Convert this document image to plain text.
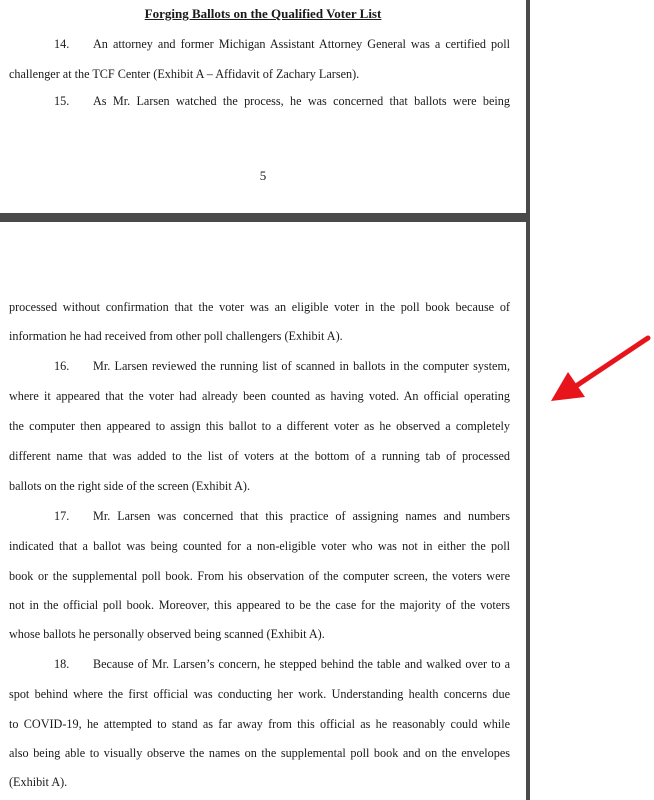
Forging Ballots on the Qualified Voter List

14. An attorney and former Michigan Assistant Attorney General was a certified poll

challenger at the TCF Center (Exhibit A – Affidavit of Zachary Larsen).

15. As Mr. Larsen watched the process, he was concerned that ballots were being

5

processed without confirmation that the voter was an eligible voter in the poll book because of

information he had received from other poll challengers (Exhibit A).

16. Mr. Larsen reviewed the running list of scanned in ballots in the computer system,

where it appeared that the voter had already been counted as having voted. An official operating

the computer then appeared to assign this ballot to a different voter as he observed a completely

different name that was added to the list of voters at the bottom of a running tab of processed

ballots on the right side of the screen (Exhibit A).

17. Mr. Larsen was concerned that this practice of assigning names and numbers

indicated that a ballot was being counted for a non-eligible voter who was not in either the poll

book or the supplemental poll book. From his observation of the computer screen, the voters were

not in the official poll book. Moreover, this appeared to be the case for the majority of the voters

whose ballots he personally observed being scanned (Exhibit A).

18. Because of Mr. Larsen’s concern, he stepped behind the table and walked over to a

spot behind where the first official was conducting her work. Understanding health concerns due

to COVID-19, he attempted to stand as far away from this official as he reasonably could while

also being able to visually observe the names on the supplemental poll book and on the envelopes

(Exhibit A).
